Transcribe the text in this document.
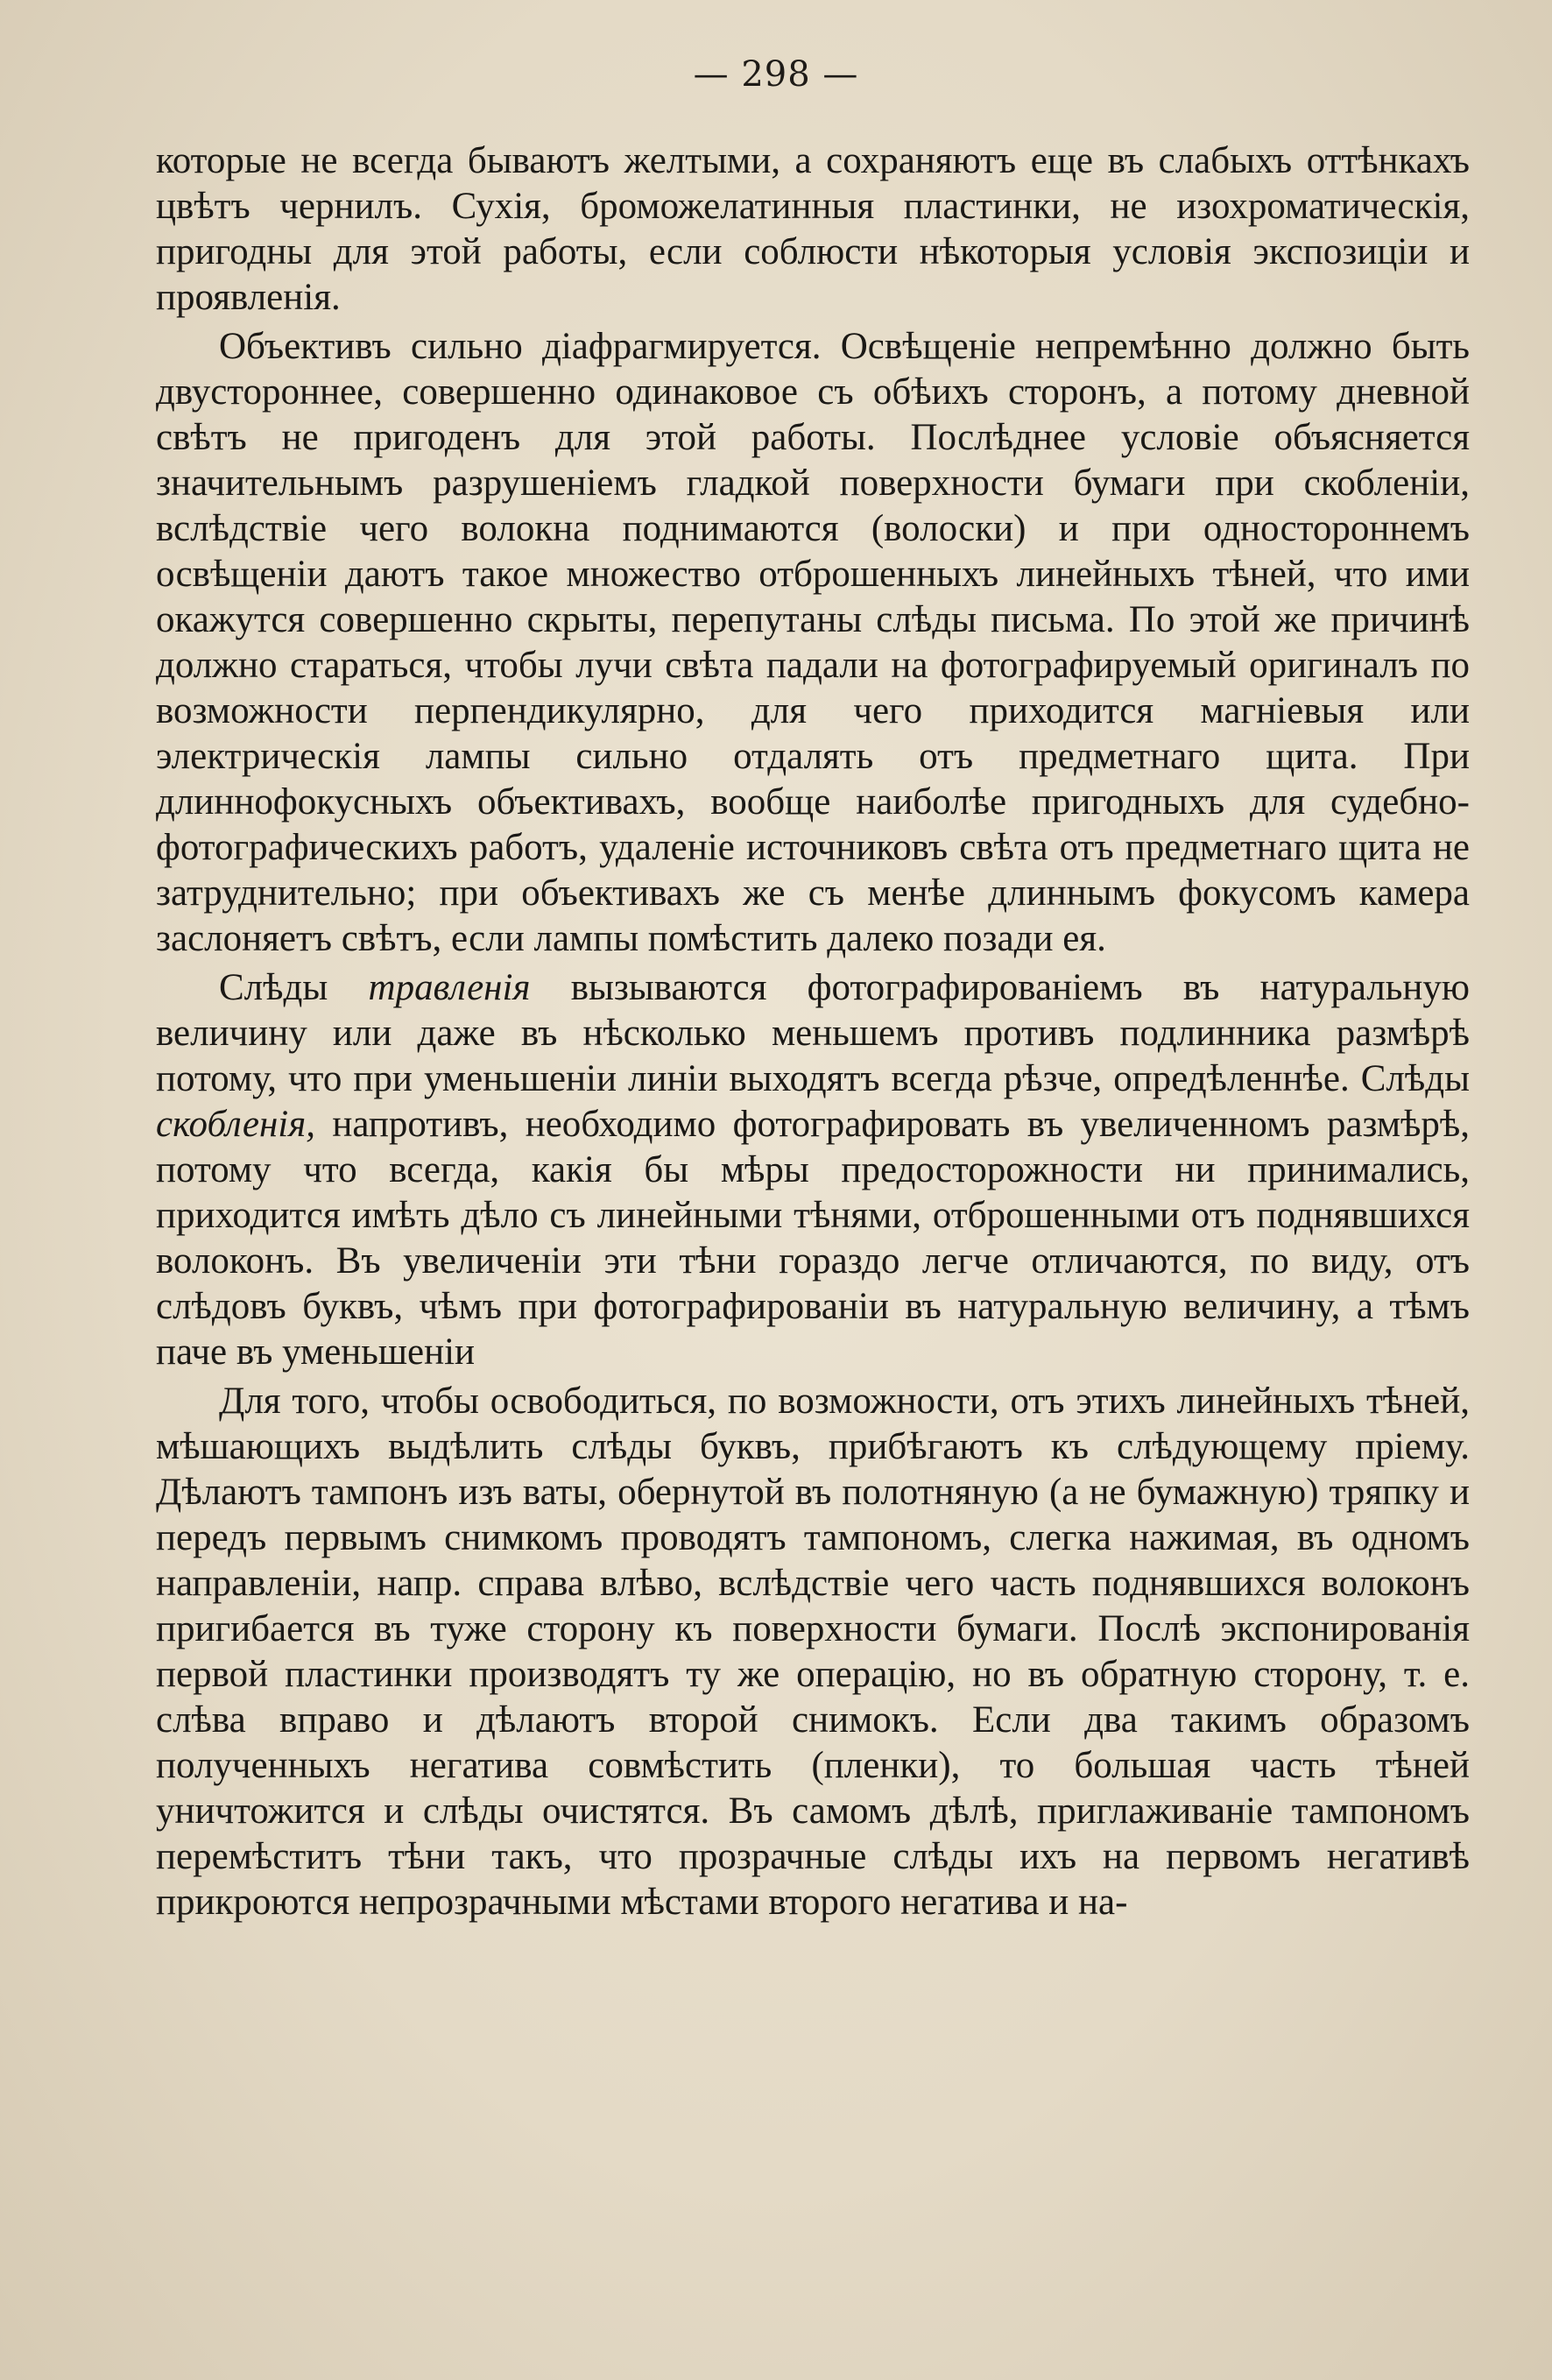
— 298 —

которые не всегда бываютъ желтыми, а сохраняютъ еще въ слабыхъ оттѣнкахъ цвѣтъ чернилъ. Сухія, броможелатинныя пластинки, не изохроматическія, пригодны для этой работы, если соблюсти нѣкоторыя условія экспозиціи и проявленія.

Объективъ сильно діафрагмируется. Освѣщеніе непремѣнно должно быть двустороннее, совершенно одинаковое съ обѣихъ сторонъ, а потому дневной свѣтъ не пригоденъ для этой работы. Послѣднее условіе объясняется значительнымъ разрушеніемъ гладкой поверхности бумаги при скобленіи, вслѣдствіе чего волокна поднимаются (волоски) и при одностороннемъ освѣщеніи даютъ такое множество отброшенныхъ линейныхъ тѣней, что ими окажутся совершенно скрыты, перепутаны слѣды письма. По этой же причинѣ должно стараться, чтобы лучи свѣта падали на фотографируемый оригиналъ по возможности перпендикулярно, для чего приходится магніевыя или электрическія лампы сильно отдалять отъ предметнаго щита. При длиннофокусныхъ объективахъ, вообще наиболѣе пригодныхъ для судебно-фотографическихъ работъ, удаленіе источниковъ свѣта отъ предметнаго щита не затруднительно; при объективахъ же съ менѣе длиннымъ фокусомъ камера заслоняетъ свѣтъ, если лампы помѣстить далеко позади ея.

Слѣды травленія вызываются фотографированіемъ въ натуральную величину или даже въ нѣсколько меньшемъ противъ подлинника размѣрѣ потому, что при уменьшеніи линіи выходятъ всегда рѣзче, опредѣленнѣе. Слѣды скобленія, напротивъ, необходимо фотографировать въ увеличенномъ размѣрѣ, потому что всегда, какія бы мѣры предосторожности ни принимались, приходится имѣть дѣло съ линейными тѣнями, отброшенными отъ поднявшихся волоконъ. Въ увеличеніи эти тѣни гораздо легче отличаются, по виду, отъ слѣдовъ буквъ, чѣмъ при фотографированіи въ натуральную величину, а тѣмъ паче въ уменьшеніи

Для того, чтобы освободиться, по возможности, отъ этихъ линейныхъ тѣней, мѣшающихъ выдѣлить слѣды буквъ, прибѣгаютъ къ слѣдующему пріему. Дѣлаютъ тампонъ изъ ваты, обернутой въ полотняную (а не бумажную) тряпку и передъ первымъ снимкомъ проводятъ тампономъ, слегка нажимая, въ одномъ направленіи, напр. справа влѣво, вслѣдствіе чего часть поднявшихся волоконъ пригибается въ туже сторону къ поверхности бумаги. Послѣ экспонированія первой пластинки производятъ ту же операцію, но въ обратную сторону, т. е. слѣва вправо и дѣлаютъ второй снимокъ. Если два такимъ образомъ полученныхъ негатива совмѣстить (пленки), то большая часть тѣней уничтожится и слѣды очистятся. Въ самомъ дѣлѣ, приглаживаніе тампономъ перемѣститъ тѣни такъ, что прозрачные слѣды ихъ на первомъ негативѣ прикроются непрозрачными мѣстами второго негатива и на-
